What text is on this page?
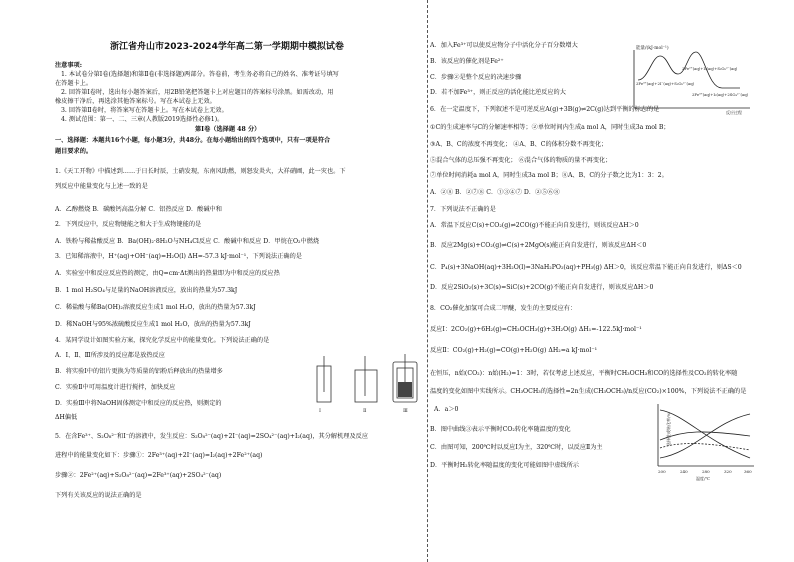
浙江省舟山市2023-2024学年高二第一学期期中模拟试卷
注意事项:
1. 本试卷分第Ⅰ卷(选择题)和第Ⅱ卷(非选择题)两部分。答卷前，考生务必将自己的姓名、准考证号填写
在答题卡上。
2. 回答第Ⅰ卷时，选出每小题答案后，用2B铅笔把答题卡上对应题目的答案标号涂黑。如需改动，用
橡皮擦干净后，再选涂其他答案标号。写在本试卷上无效。
3. 回答第Ⅱ卷时，将答案写在答题卡上。写在本试卷上无效。
4. 测试范围：第一、二、三章(人教版2019选择性必修1)。
第Ⅰ卷（选择题 48 分）
一、选择题：本题共16个小题，每小题3分，共48分。在每小题给出的四个选项中，只有一项是符合
题目要求的。
1.《天工开物》中描述到……于日长时辰，土硝发现，东南风助燃，则怒发炎火，大祥硝圃，此一灾也。下
列反应中能量变化与上述一致的是
A．乙醇燃烧 B．碳酸钙高温分解 C．铝热反应 D．酸碱中和
2．下列反应中，反应物键能之和大于生成物键能的是
A．铁粉与稀盐酸反应 B．Ba(OH)₂·8H₂O与NH₄Cl反应 C．酸碱中和反应 D．甲烷在O₂中燃烧
3．已知稀溶液中，H⁺(aq)+OH⁻(aq)=H₂O(l) ΔH=-57.3 kJ·mol⁻¹，下列说法正确的是
A．实验室中和反应反应热的测定，由Q=cm·Δt测出的热量即为中和反应的反应热
B．1 mol H₂SO₄与足量的NaOH溶液反应，放出的热量为57.3kJ
C．稀盐酸与稀Ba(OH)₂溶液反应生成1 mol H₂O，放出的热量为57.3kJ
D．稀NaOH与95%浓硫酸反应生成1 mol H₂O，放出的热量为57.3kJ
4．某同学设计如图实验方案，探究化学反应中的能量变化。下列说法正确的是
A．Ⅰ、Ⅱ、Ⅲ所涉及的反应都是放热反应
B．将实验Ⅰ中的铝片更换为等质量的铝粉后释放出的热量增多
C．实验Ⅱ中可用温度计进行搅拌，加快反应
D．实验Ⅲ中将NaOH固体测定中和反应的反应热，则测定的
ΔH偏低
5．在含Fe³⁺、S₂O₈²⁻和I⁻的溶液中，发生反应：S₂O₈²⁻(aq)+2I⁻(aq)=2SO₄²⁻(aq)+I₂(aq)，其分解机理及反应
进程中的能量变化如下：步骤①：2Fe³⁺(aq)+2I⁻(aq)=I₂(aq)+2Fe²⁺(aq)
步骤②：2Fe²⁺(aq)+S₂O₈²⁻(aq)=2Fe³⁺(aq)+2SO₄²⁻(aq)
下列有关该反应的说法正确的是
Ⅰ	Ⅱ	Ⅲ
A．加入Fe³⁺可以使反应物分子中活化分子百分数增大
B．该反应的催化剂是Fe²⁺
C．步骤②是整个反应的决速步骤
D．若不加Fe³⁺，则正反应的活化能比逆反应的大
6．在一定温度下，下列叙述不是可逆反应A(g)+3B(g)⇌2C(g)达到平衡的标志的是
①C的生成速率与C的分解速率相等；②单位时间内生成a mol A，同时生成3a mol B；
③A、B、C的浓度不再变化； ④A、B、C的体积分数不再变化；
⑤混合气体的总压强不再变化； ⑥混合气体的物质的量不再变化；
⑦单位时间消耗a mol A，同时生成3a mol B；⑧A、B、C的分子数之比为1：3：2。
A．②⑧ B．②⑦⑧ C．①③④⑦ D．②⑤⑥⑧
7．下列说法不正确的是
A．常温下反应C(s)+CO₂(g)⇌2CO(g)不能正向自发进行，则该反应ΔH＞0
B．反应2Mg(s)+CO₂(g)⇌C(s)+2MgO(s)能正向自发进行，则该反应ΔH＜0
C．P₄(s)+3NaOH(aq)+3H₂O(l)=3NaH₂PO₂(aq)+PH₃(g) ΔH＞0，该反应常温下能正向自发进行，则ΔS＜0
D．反应2SiO₂(s)+3C(s)=SiC(s)+2CO(g)不能正向自发进行，则该反应ΔH＞0
8．CO₂催化加氢可合成二甲醚，发生的主要反应有：
反应Ⅰ：2CO₂(g)+6H₂(g)=CH₃OCH₃(g)+3H₂O(g) ΔH₁=-122.5kJ·mol⁻¹
反应Ⅱ：CO₂(g)+H₂(g)=CO(g)+H₂O(g) ΔH₂=a kJ·mol⁻¹
在恒压，n始(CO₂)：n始(H₂)=1：3时，若仅考虑上述反应，平衡时CH₃OCH₃和CO的选择性及CO₂的转化率随
温度的变化如图中实线所示。CH₃OCH₃的选择性=2n生成(CH₃OCH₃)/n反应(CO₂)×100%，下列说法不正确的是
A．a＞0
B．图中曲线③表示平衡时CO₂转化率随温度的变化
C．由图可知，200℃时以反应Ⅰ为主，320℃时，以反应Ⅱ为主
D．平衡时H₂转化率随温度的变化可能如图中虚线所示
能量/(kJ·mol⁻¹)
2Fe³⁺(aq)+2I⁻(aq)+S₂O₈²⁻(aq)
2Fe²⁺(aq)+I₂(aq)+S₂O₈²⁻(aq)
2Fe³⁺(aq)+I₂(aq)+2SO₄²⁻(aq)
反应过程
选择性或转化率/%
200	240	280	320	360
温度/℃
